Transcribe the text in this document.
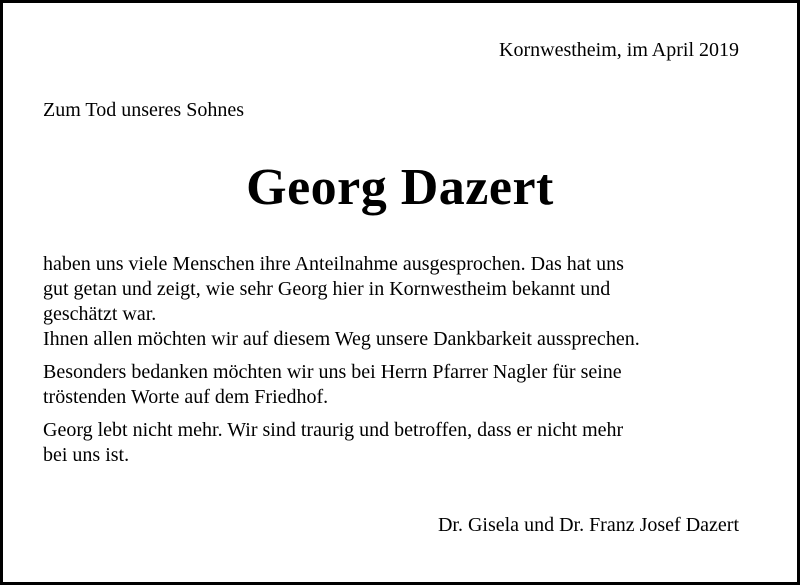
Kornwestheim, im April 2019
Zum Tod unseres Sohnes
Georg Dazert
haben uns viele Menschen ihre Anteilnahme ausgesprochen. Das hat uns
gut getan und zeigt, wie sehr Georg hier in Kornwestheim bekannt und
geschätzt war.
Ihnen allen möchten wir auf diesem Weg unsere Dankbarkeit aussprechen.
Besonders bedanken möchten wir uns bei Herrn Pfarrer Nagler für seine
tröstenden Worte auf dem Friedhof.
Georg lebt nicht mehr. Wir sind traurig und betroffen, dass er nicht mehr
bei uns ist.
Dr. Gisela und Dr. Franz Josef Dazert
